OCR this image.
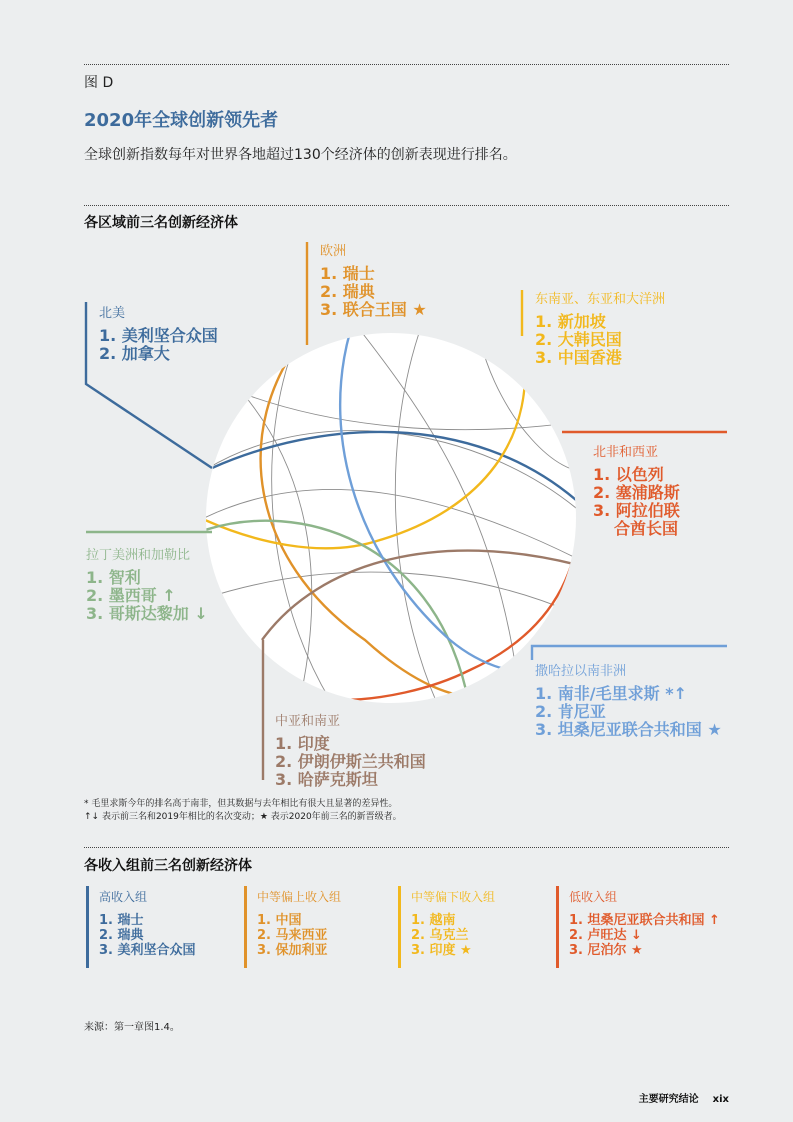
图 D
2020年全球创新领先者
全球创新指数每年对世界各地超过130个经济体的创新表现进行排名。
各区域前三名创新经济体
欧洲
1. 瑞士
2. 瑞典
3. 联合王国 ★
北美
1. 美利坚合众国
2. 加拿大
东南亚、东亚和大洋洲
1. 新加坡
2. 大韩民国
3. 中国香港
北非和西亚
1. 以色列
2. 塞浦路斯
3. 阿拉伯联
合酋长国
拉丁美洲和加勒比
1. 智利
2. 墨西哥 ↑
3. 哥斯达黎加 ↓
撒哈拉以南非洲
1. 南非/毛里求斯 *↑
2. 肯尼亚
3. 坦桑尼亚联合共和国 ★
中亚和南亚
1. 印度
2. 伊朗伊斯兰共和国
3. 哈萨克斯坦
* 毛里求斯今年的排名高于南非，但其数据与去年相比有很大且显著的差异性。
↑↓ 表示前三名和2019年相比的名次变动；★ 表示2020年前三名的新晋级者。
各收入组前三名创新经济体
高收入组
1. 瑞士
2. 瑞典
3. 美利坚合众国
中等偏上收入组
1. 中国
2. 马来西亚
3. 保加利亚
中等偏下收入组
1. 越南
2. 乌克兰
3. 印度 ★
低收入组
1. 坦桑尼亚联合共和国 ↑
2. 卢旺达 ↓
3. 尼泊尔 ★
来源：第一章图1.4。
主要研究结论 xix
